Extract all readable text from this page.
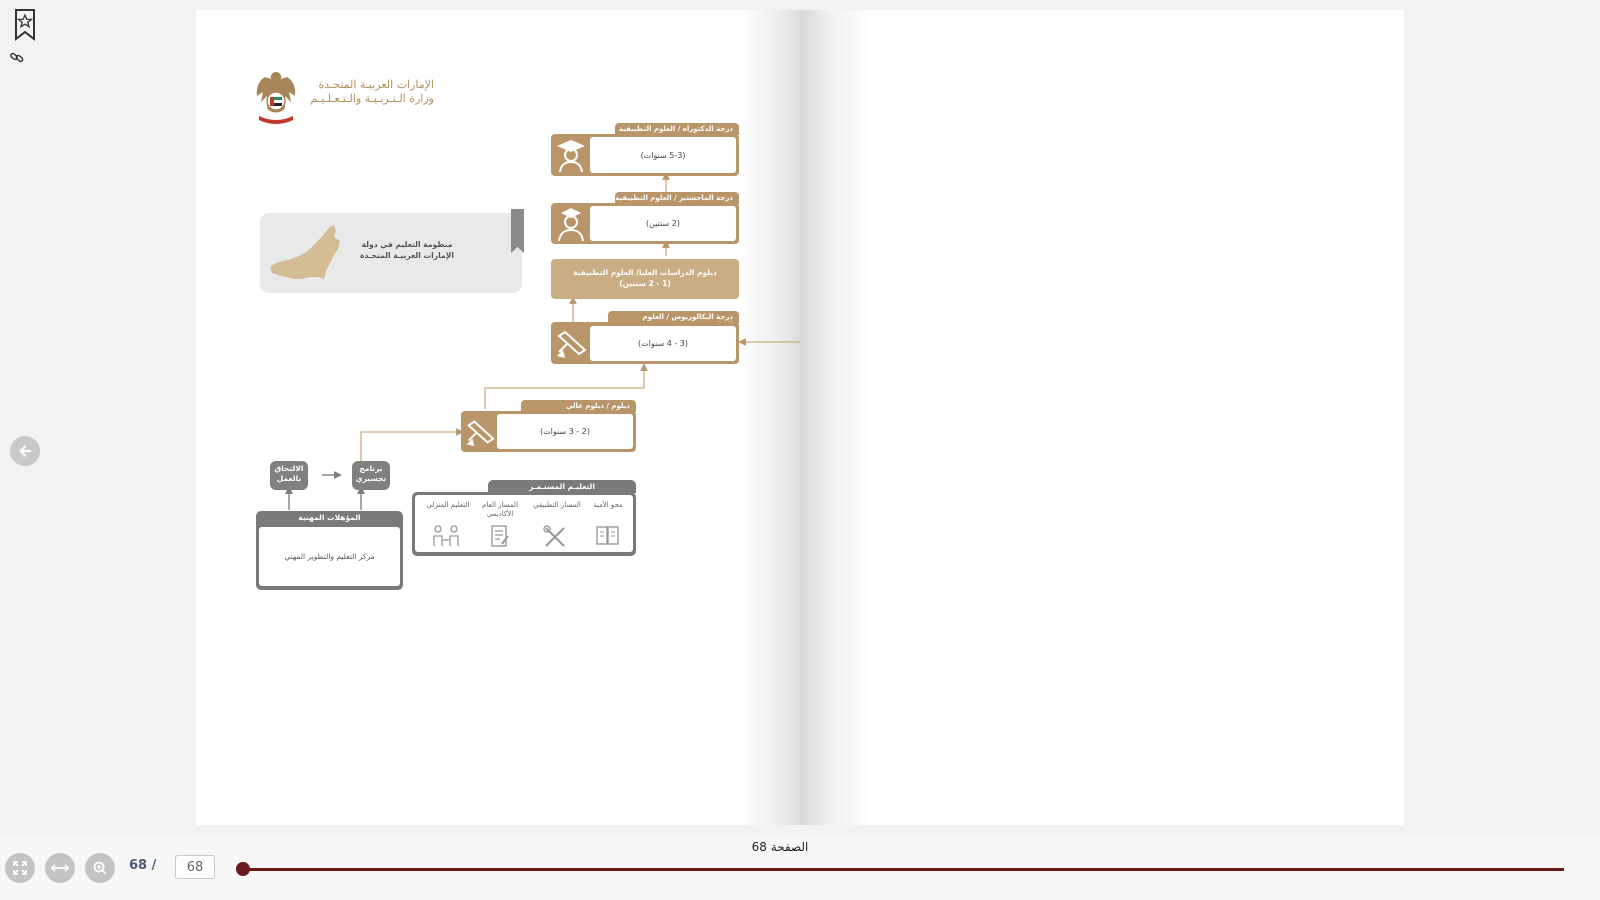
الإمارات العربيـة المتحـدة
وزارة الـتـربـيـة والـتـعـلـيـم
منظومة التعليم في دولة
الإمارات العربيـة المتحـدة
درجة الدكتوراه / العلوم التطبيقية
(5-3 سنوات)
درجة الماجستير / العلوم التطبيقية
(2 سنتين)
دبلوم الدراسات العليا/ العلوم التطبيقية
(1 - 2 سنتين)
درجة البكالوريوس / العلوم
(3 - 4 سنوات)
دبلوم / دبلوم عالي
(2 - 3 سنوات)
التعليـم المستـمـر
محو الأمية
المسار التطبيقي
المسار العام الأكاديمي
التعليم المنزلي
المؤهلات المهنية
مركز التعليم والتطوير المهني
الالتحاق
بالعمل
برنامج
تجسيري
68 /
68
الصفحة 68
